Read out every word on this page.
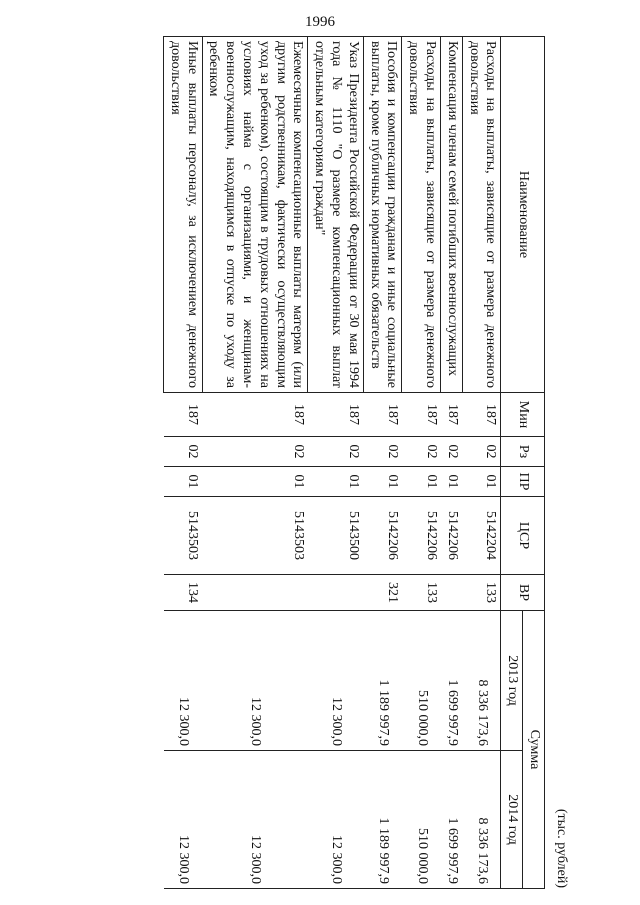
1996
(тыс. рублей)
Наименование	Мин	Рз	ПР	ЦСР	ВР	Сумма	
						2013 год	2014 год
Расходы на выплаты, зависящие от размера денежного довольствия	187	02	01	5142204	133	8 336 173,6	8 336 173,6
Компенсация членам семей погибших военнослужащих	187	02	01	5142206		1 699 997,9	1 699 997,9
Расходы на выплаты, зависящие от размера денежного довольствия	187	02	01	5142206	133	510 000,0	510 000,0
Пособия и компенсации гражданам и иные социальные выплаты, кроме публичных нормативных обязательств	187	02	01	5142206	321	1 189 997,9	1 189 997,9
Указ Президента Российской Федерации от 30 мая 1994 года № 1110 "О размере компенсационных выплат отдельным категориям граждан"	187	02	01	5143500		12 300,0	12 300,0
Ежемесячные компенсационные выплаты матерям (или другим родственникам, фактически осуществляющим уход за ребенком), состоящим в трудовых отношениях на условиях найма с организациями, и женщинам-военнослужащим, находящимся в отпуске по уходу за ребенком	187	02	01	5143503		12 300,0	12 300,0
Иные выплаты персоналу, за исключением денежного довольствия	187	02	01	5143503	134	12 300,0	12 300,0
